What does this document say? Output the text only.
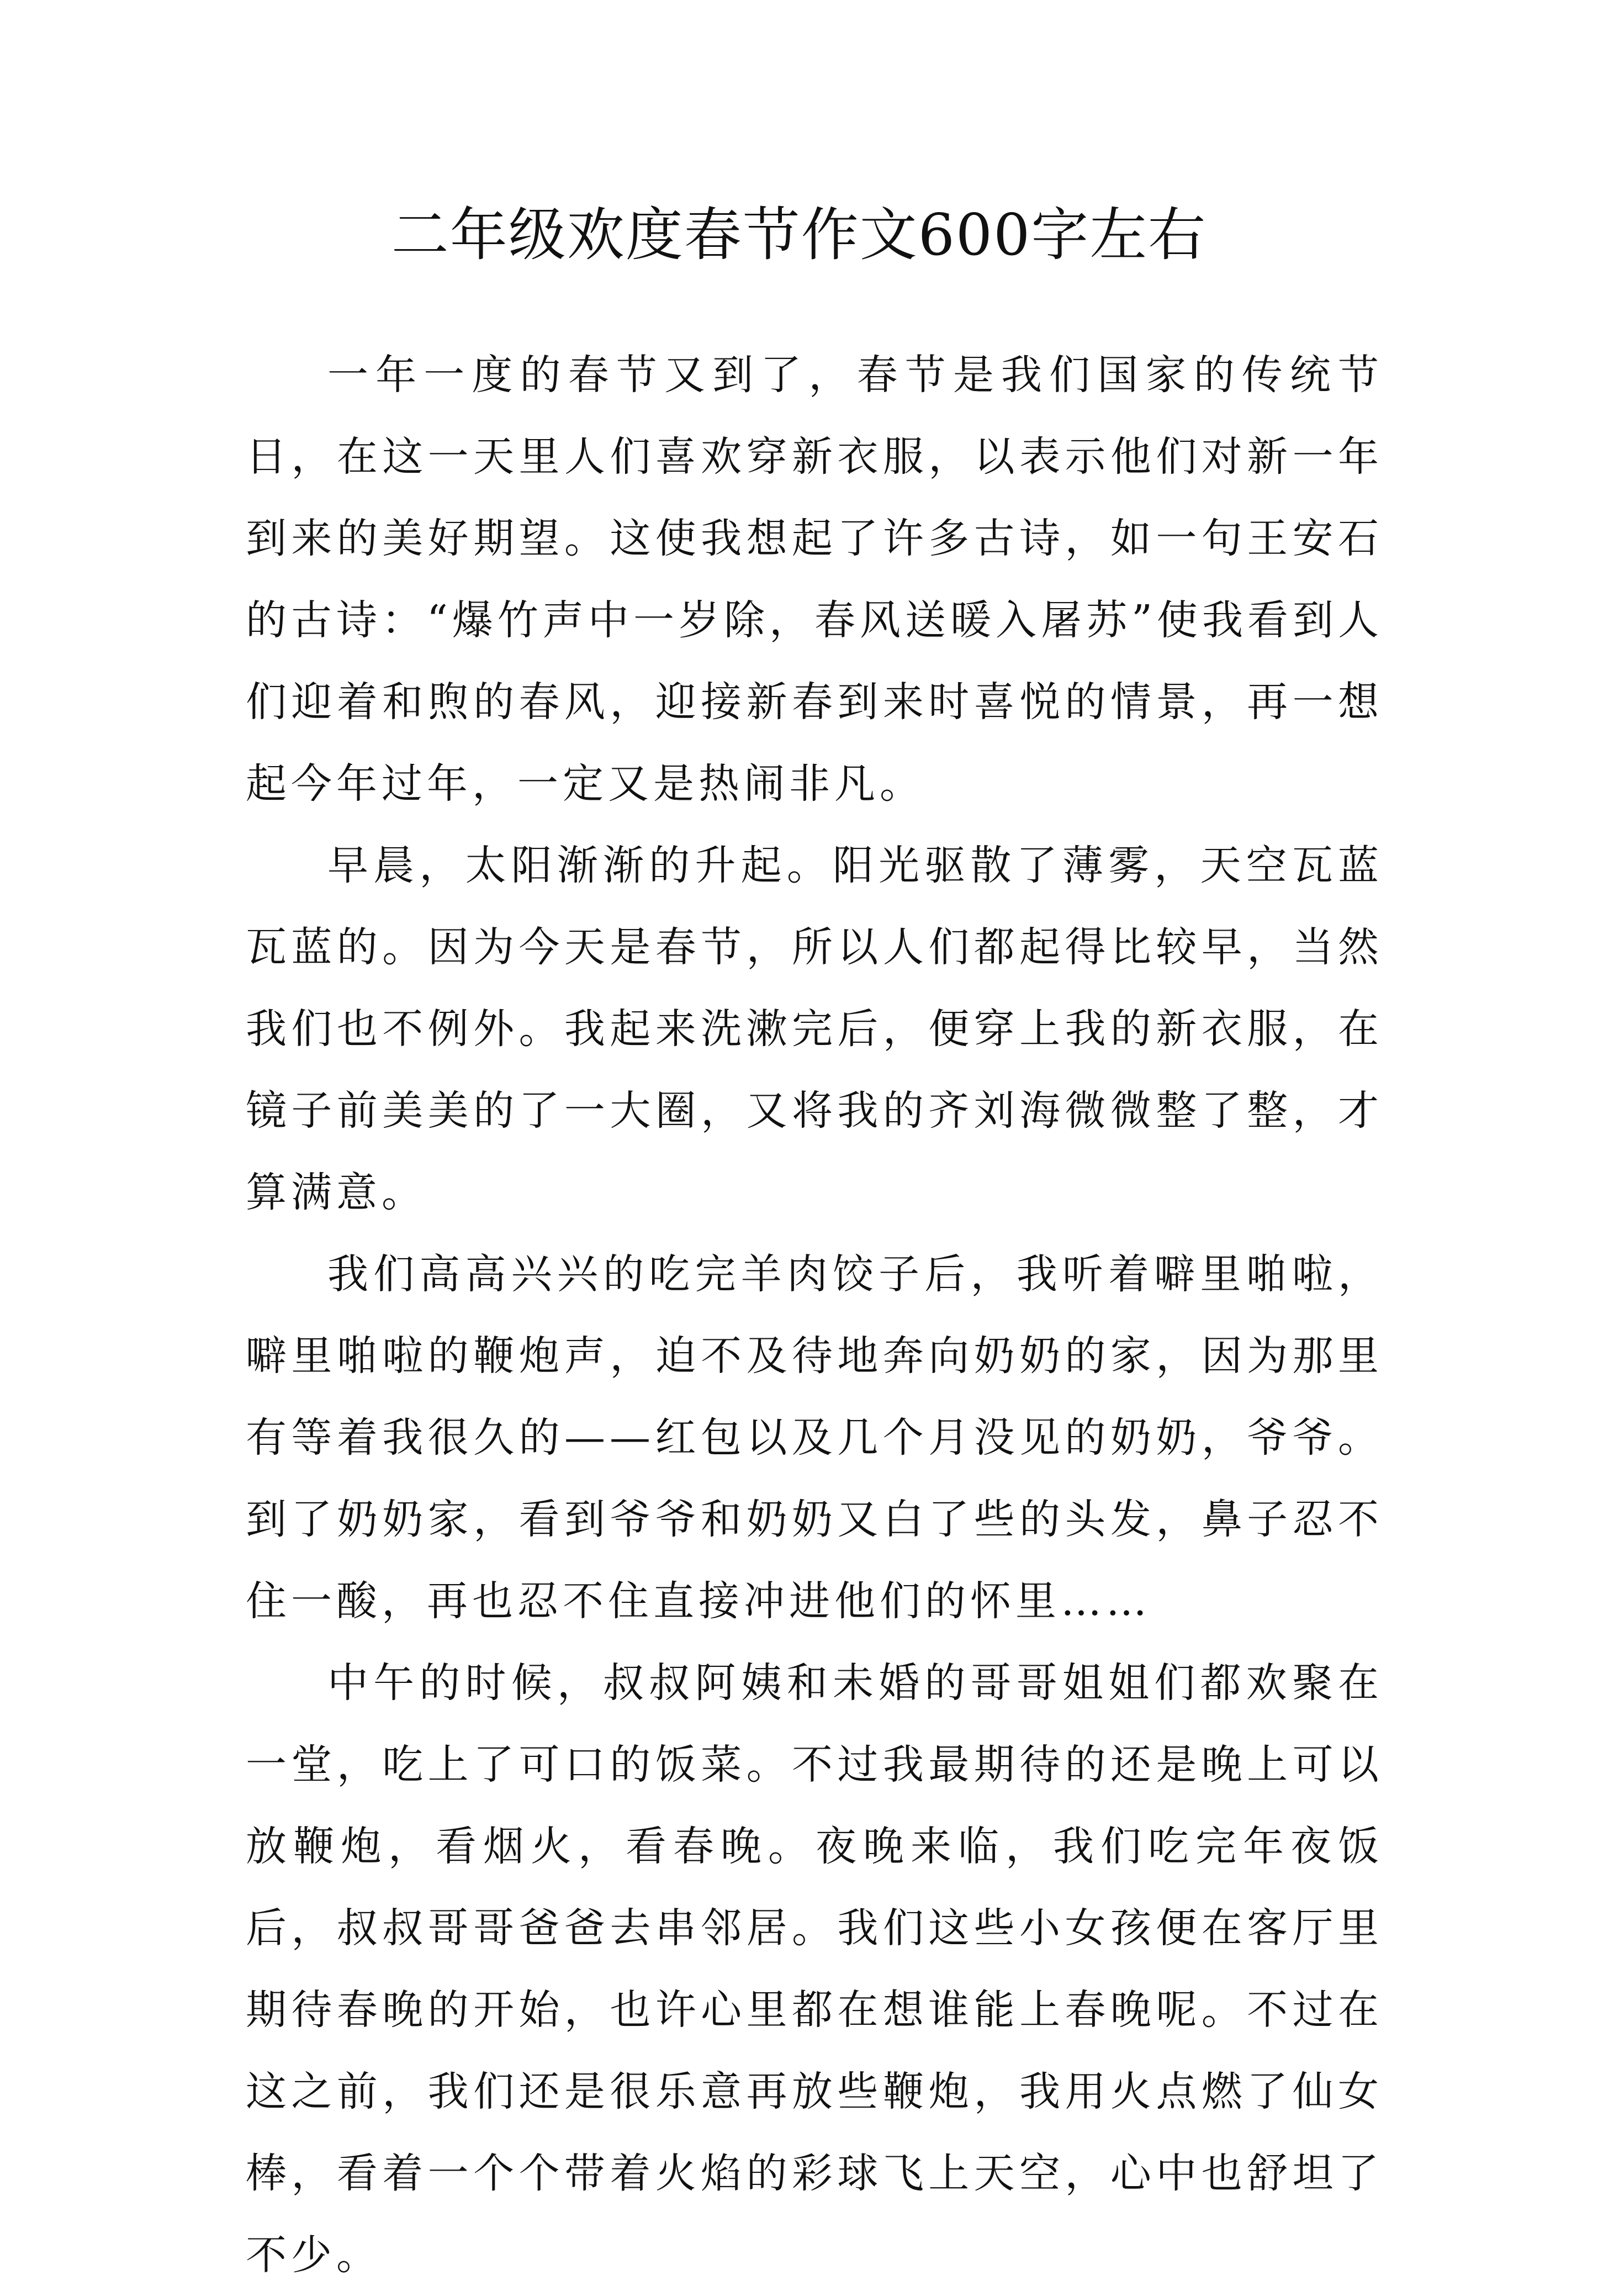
二年级欢度春节作文600字左右

一年一度的春节又到了，春节是我们国家的传统节日，在这一天里人们喜欢穿新衣服，以表示他们对新一年到来的美好期望。这使我想起了许多古诗，如一句王安石的古诗：“爆竹声中一岁除，春风送暖入屠苏”使我看到人们迎着和煦的春风，迎接新春到来时喜悦的情景，再一想起今年过年，一定又是热闹非凡。

早晨，太阳渐渐的升起。阳光驱散了薄雾，天空瓦蓝瓦蓝的。因为今天是春节，所以人们都起得比较早，当然我们也不例外。我起来洗漱完后，便穿上我的新衣服，在镜子前美美的了一大圈，又将我的齐刘海微微整了整，才算满意。

我们高高兴兴的吃完羊肉饺子后，我听着噼里啪啦，噼里啪啦的鞭炮声，迫不及待地奔向奶奶的家，因为那里有等着我很久的——红包以及几个月没见的奶奶，爷爷。到了奶奶家，看到爷爷和奶奶又白了些的头发，鼻子忍不住一酸，再也忍不住直接冲进他们的怀里……

中午的时候，叔叔阿姨和未婚的哥哥姐姐们都欢聚在一堂，吃上了可口的饭菜。不过我最期待的还是晚上可以放鞭炮，看烟火，看春晚。夜晚来临，我们吃完年夜饭后，叔叔哥哥爸爸去串邻居。我们这些小女孩便在客厅里期待春晚的开始，也许心里都在想谁能上春晚呢。不过在这之前，我们还是很乐意再放些鞭炮，我用火点燃了仙女棒，看着一个个带着火焰的彩球飞上天空，心中也舒坦了不少。
